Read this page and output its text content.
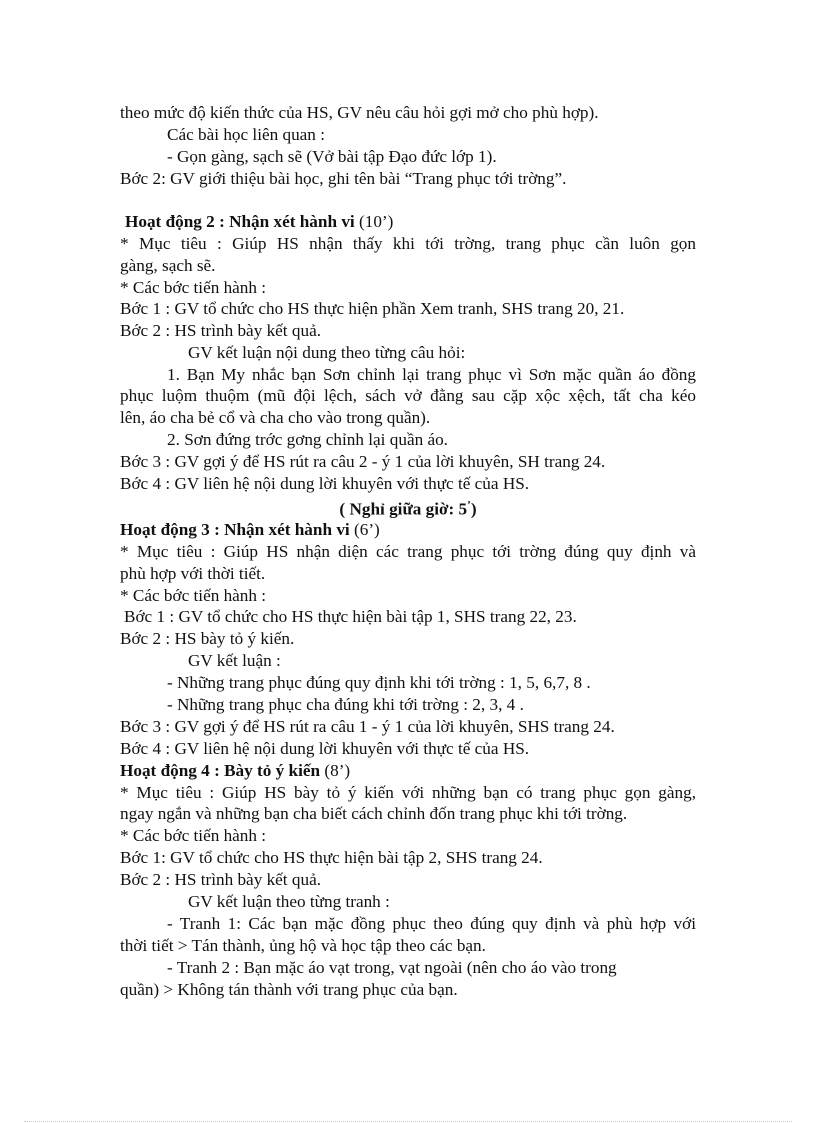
theo mức độ kiến thức của HS, GV nêu câu hỏi gợi mở cho phù hợp).
Các bài học liên quan :
- Gọn gàng, sạch sẽ (Vở bài tập Đạo đức lớp 1).
Bớc 2: GV giới thiệu bài học, ghi tên bài “Trang phục tới trờng”.
Hoạt động 2 : Nhận xét hành vi (10’)
* Mục tiêu : Giúp HS nhận thấy khi tới trờng, trang phục cần luôn gọn
gàng, sạch sẽ.
* Các bớc tiến hành :
Bớc 1 : GV tổ chức cho HS thực hiện phần Xem tranh, SHS trang 20, 21.
Bớc 2 : HS trình bày kết quả.
GV kết luận nội dung theo từng câu hỏi:
1. Bạn My nhắc bạn Sơn chỉnh lại trang phục vì Sơn mặc quần áo đồng
phục luộm thuộm (mũ đội lệch, sách vở đằng sau cặp xộc xệch, tất cha kéo
lên, áo cha bẻ cổ và cha cho vào trong quần).
2. Sơn đứng trớc gơng chỉnh lại quần áo.
Bớc 3 : GV gợi ý để HS rút ra câu 2 - ý 1 của lời khuyên, SH trang 24.
Bớc 4 : GV liên hệ nội dung lời khuyên với thực tế của HS.
( Nghỉ giữa giờ: 5’)
Hoạt động 3 : Nhận xét hành vi (6’)
* Mục tiêu : Giúp HS nhận diện các trang phục tới trờng đúng quy định và
phù hợp với thời tiết.
* Các bớc tiến hành :
Bớc 1 : GV tổ chức cho HS thực hiện bài tập 1, SHS trang 22, 23.
Bớc 2 : HS bày tỏ ý kiến.
GV kết luận :
- Những trang phục đúng quy định khi tới trờng : 1, 5, 6,7, 8 .
- Những trang phục cha đúng khi tới trờng : 2, 3, 4 .
Bớc 3 : GV gợi ý để HS rút ra câu 1 - ý 1 của lời khuyên, SHS trang 24.
Bớc 4 : GV liên hệ nội dung lời khuyên với thực tế của HS.
Hoạt động 4 : Bày tỏ ý kiến (8’)
* Mục tiêu : Giúp HS bày tỏ ý kiến với những bạn có trang phục gọn gàng,
ngay ngắn và những bạn cha biết cách chỉnh đốn trang phục khi tới trờng.
* Các bớc tiến hành :
Bớc 1: GV tổ chức cho HS thực hiện bài tập 2, SHS trang 24.
Bớc 2 : HS trình bày kết quả.
GV kết luận theo từng tranh :
- Tranh 1: Các bạn mặc đồng phục theo đúng quy định và phù hợp với
thời tiết > Tán thành, ủng hộ và học tập theo các bạn.
- Tranh 2 : Bạn mặc áo vạt trong, vạt ngoài (nên cho áo vào trong
quần) > Không tán thành với trang phục của bạn.
